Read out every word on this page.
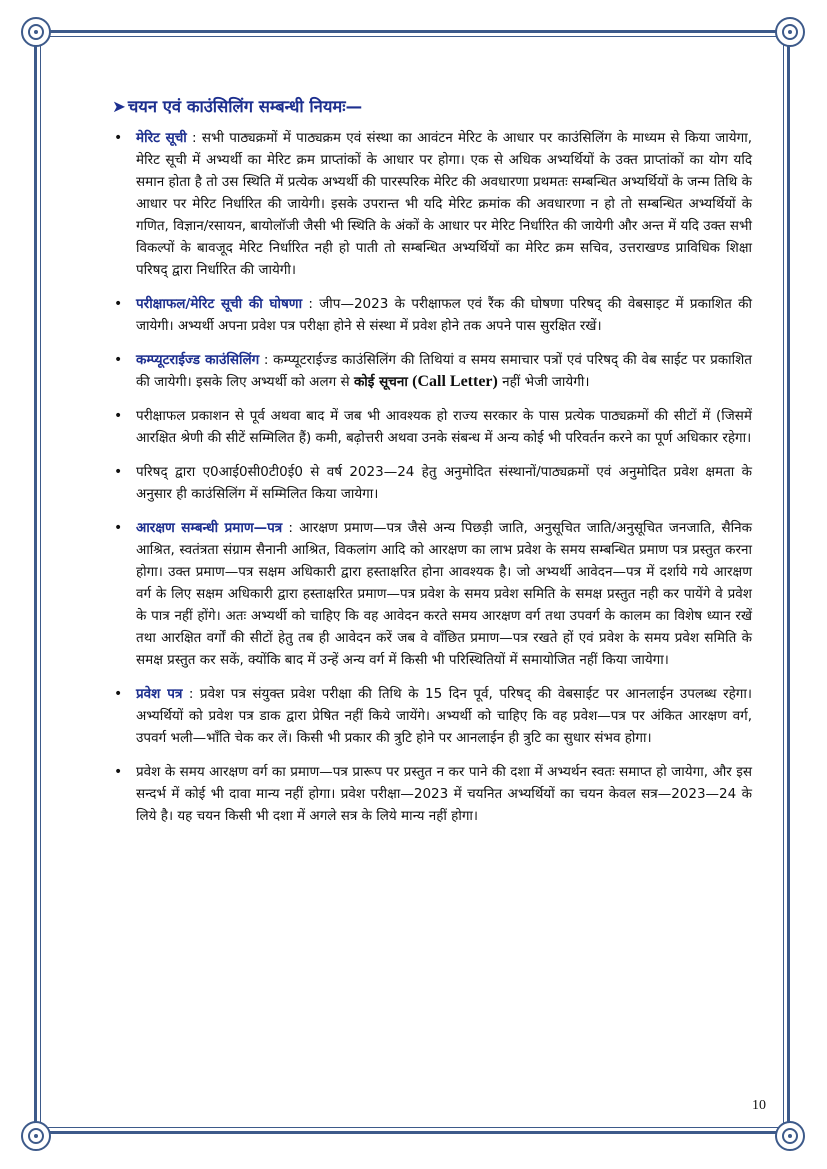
➤ चयन एवं काउंसिलिंग सम्बन्धी नियमः—
• मेरिट सूची : सभी पाठ्यक्रमों में पाठ्यक्रम एवं संस्था का आवंटन मेरिट के आधार पर काउंसिलिंग के माध्यम से किया जायेगा, मेरिट सूची में अभ्यर्थी का मेरिट क्रम प्राप्तांकों के आधार पर होगा। एक से अधिक अभ्यर्थियों के उक्त प्राप्तांकों का योग यदि समान होता है तो उस स्थिति में प्रत्येक अभ्यर्थी की पारस्परिक मेरिट की अवधारणा प्रथमतः सम्बन्धित अभ्यर्थियों के जन्म तिथि के आधार पर मेरिट निर्धारित की जायेगी। इसके उपरान्त भी यदि मेरिट क्रमांक की अवधारणा न हो तो सम्बन्धित अभ्यर्थियों के गणित, विज्ञान/रसायन, बायोलॉजी जैसी भी स्थिति के अंकों के आधार पर मेरिट निर्धारित की जायेगी और अन्त में यदि उक्त सभी विकल्पों के बावजूद मेरिट निर्धारित नही हो पाती तो सम्बन्धित अभ्यर्थियों का मेरिट क्रम सचिव, उत्तराखण्ड प्राविधिक शिक्षा परिषद् द्वारा निर्धारित की जायेगी।
• परीक्षाफल/मेरिट सूची की घोषणा : जीप—2023 के परीक्षाफल एवं रैंक की घोषणा परिषद् की वेबसाइट में प्रकाशित की जायेगी। अभ्यर्थी अपना प्रवेश पत्र परीक्षा होने से संस्था में प्रवेश होने तक अपने पास सुरक्षित रखें।
• कम्प्यूटराईज्ड काउंसिलिंग : कम्प्यूटराईज्ड काउंसिलिंग की तिथियां व समय समाचार पत्रों एवं परिषद् की वेब साईट पर प्रकाशित की जायेगी। इसके लिए अभ्यर्थी को अलग से कोई सूचना (Call Letter) नहीं भेजी जायेगी।
• परीक्षाफल प्रकाशन से पूर्व अथवा बाद में जब भी आवश्यक हो राज्य सरकार के पास प्रत्येक पाठ्यक्रमों की सीटों में (जिसमें आरक्षित श्रेणी की सीटें सम्मिलित हैं) कमी, बढ़ोत्तरी अथवा उनके संबन्ध में अन्य कोई भी परिवर्तन करने का पूर्ण अधिकार रहेगा।
• परिषद् द्वारा ए0आई0सी0टी0ई0 से वर्ष 2023—24 हेतु अनुमोदित संस्थानों/पाठ्यक्रमों एवं अनुमोदित प्रवेश क्षमता के अनुसार ही काउंसिलिंग में सम्मिलित किया जायेगा।
• आरक्षण सम्बन्धी प्रमाण—पत्र : आरक्षण प्रमाण—पत्र जैसे अन्य पिछड़ी जाति, अनुसूचित जाति/अनुसूचित जनजाति, सैनिक आश्रित, स्वतंत्रता संग्राम सैनानी आश्रित, विकलांग आदि को आरक्षण का लाभ प्रवेश के समय सम्बन्धित प्रमाण पत्र प्रस्तुत करना होगा। उक्त प्रमाण—पत्र सक्षम अधिकारी द्वारा हस्ताक्षरित होना आवश्यक है। जो अभ्यर्थी आवेदन—पत्र में दर्शाये गये आरक्षण वर्ग के लिए सक्षम अधिकारी द्वारा हस्ताक्षरित प्रमाण—पत्र प्रवेश के समय प्रवेश समिति के समक्ष प्रस्तुत नही कर पायेंगे वे प्रवेश के पात्र नहीं होंगे। अतः अभ्यर्थी को चाहिए कि वह आवेदन करते समय आरक्षण वर्ग तथा उपवर्ग के कालम का विशेष ध्यान रखें तथा आरक्षित वर्गों की सीटों हेतु तब ही आवेदन करें जब वे वाँछित प्रमाण—पत्र रखते हों एवं प्रवेश के समय प्रवेश समिति के समक्ष प्रस्तुत कर सकें, क्योंकि बाद में उन्हें अन्य वर्ग में किसी भी परिस्थितियों में समायोजित नहीं किया जायेगा।
• प्रवेश पत्र : प्रवेश पत्र संयुक्त प्रवेश परीक्षा की तिथि के 15 दिन पूर्व, परिषद् की वेबसाईट पर आनलाईन उपलब्ध रहेगा। अभ्यर्थियों को प्रवेश पत्र डाक द्वारा प्रेषित नहीं किये जायेंगे। अभ्यर्थी को चाहिए कि वह प्रवेश—पत्र पर अंकित आरक्षण वर्ग, उपवर्ग भली—भाँति चेक कर लें। किसी भी प्रकार की त्रुटि होने पर आनलाईन ही त्रुटि का सुधार संभव होगा।
• प्रवेश के समय आरक्षण वर्ग का प्रमाण—पत्र प्रारूप पर प्रस्तुत न कर पाने की दशा में अभ्यर्थन स्वतः समाप्त हो जायेगा, और इस सन्दर्भ में कोई भी दावा मान्य नहीं होगा। प्रवेश परीक्षा—2023 में चयनित अभ्यर्थियों का चयन केवल सत्र—2023—24 के लिये है। यह चयन किसी भी दशा में अगले सत्र के लिये मान्य नहीं होगा।
10
